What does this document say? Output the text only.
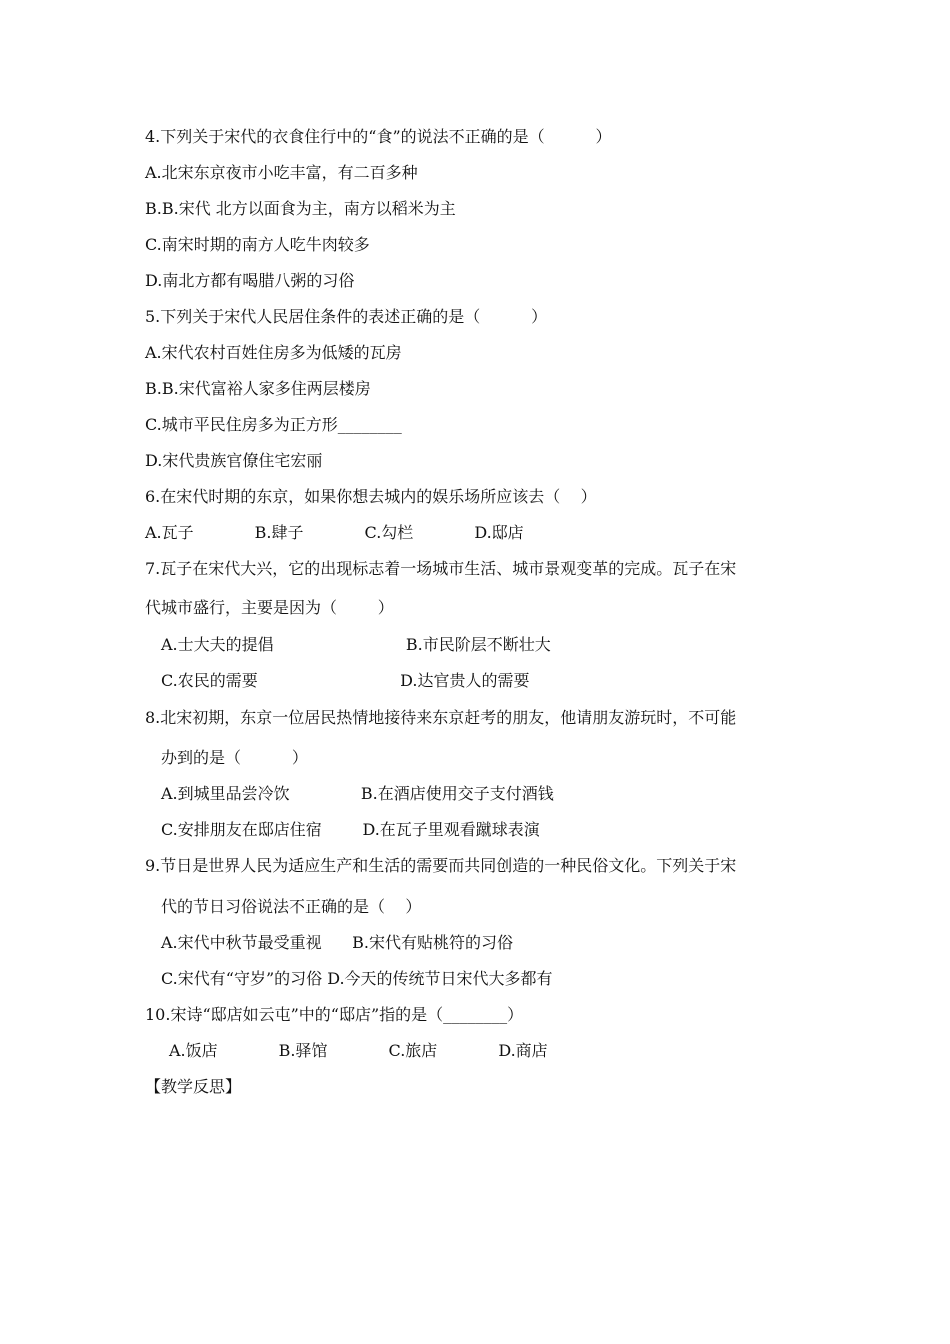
4.下列关于宋代的衣食住行中的“食”的说法不正确的是（          ）
A.北宋东京夜市小吃丰富，有二百多种
B.B.宋代 北方以面食为主，南方以稻米为主
C.南宋时期的南方人吃牛肉较多
D.南北方都有喝腊八粥的习俗
5.下列关于宋代人民居住条件的表述正确的是（          ）
A.宋代农村百姓住房多为低矮的瓦房
B.B.宋代富裕人家多住两层楼房
C.城市平民住房多为正方形________
D.宋代贵族官僚住宅宏丽
6.在宋代时期的东京，如果你想去城内的娱乐场所应该去（    ）
A.瓦子            B.肆子            C.勾栏            D.邸店
7.瓦子在宋代大兴，它的出现标志着一场城市生活、城市景观变革的完成。瓦子在宋
代城市盛行，主要是因为（        ）
A.士大夫的提倡                          B.市民阶层不断壮大
C.农民的需要                            D.达官贵人的需要
8.北宋初期，东京一位居民热情地接待来东京赶考的朋友，他请朋友游玩时，不可能
办到的是（          ）
A.到城里品尝冷饮              B.在酒店使用交子支付酒钱
C.安排朋友在邸店住宿        D.在瓦子里观看蹴球表演
9.节日是世界人民为适应生产和生活的需要而共同创造的一种民俗文化。下列关于宋
代的节日习俗说法不正确的是（    ）
A.宋代中秋节最受重视      B.宋代有贴桃符的习俗
C.宋代有“守岁”的习俗 D.今天的传统节日宋代大多都有
10.宋诗“邸店如云屯”中的“邸店”指的是（________）
A.饭店            B.驿馆            C.旅店            D.商店
【教学反思】
